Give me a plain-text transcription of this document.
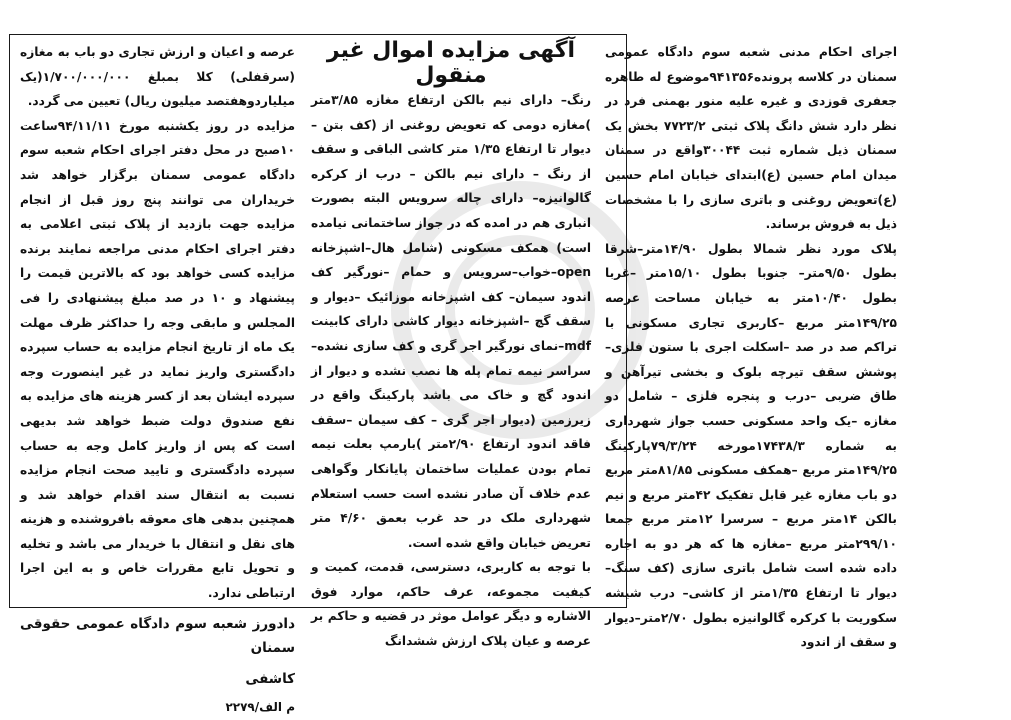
اجرای احکام مدنی شعبه سوم دادگاه عمومی سمنان در کلاسه پرونده۹۴۱۳۵۶موضوع له طاهره جعفری قوزدی و غیره علیه منور بهمنی فرد در نظر دارد شش دانگ پلاک ثبتی ۷۷۲۳/۲ بخش یک سمنان ذیل شماره ثبت ۳۰۰۴۴واقع در سمنان میدان امام حسین (ع)ابتدای خیابان امام حسین (ع)تعویض روغنی و باتری سازی را با مشخصات ذیل به فروش برساند.

پلاک مورد نظر شمالا بطول ۱۴/۹۰متر–شرقا بطول ۹/۵۰متر– جنوبا بطول ۱۵/۱۰متر –غربا بطول ۱۰/۴۰متر به خیابان مساحت عرصه ۱۴۹/۲۵متر مربع –کاربری تجاری مسکونی با تراکم صد در صد –اسکلت اجری با ستون فلزی– پوشش سقف تیرچه بلوک و بخشی تیرآهن و طاق ضربی –درب و پنجره فلزی – شامل دو مغازه –یک واحد مسکونی حسب جواز شهرداری به شماره ۱۷۴۳۸/۳مورخه ۷۹/۳/۲۴پارکینگ ۱۴۹/۲۵متر مربع –همکف مسکونی ۸۱/۸۵متر مربع دو باب مغازه غیر قابل تفکیک ۴۲متر مربع و نیم بالکن ۱۴متر مربع – سرسرا ۱۲متر مربع جمعا ۲۹۹/۱۰متر مربع –مغازه ها که هر دو به اجاره داده شده است شامل باتری سازی (کف سنگ–دیوار تا ارتفاع ۱/۳۵متر از کاشی– درب شیشه سکوریت با کرکره گالوانیزه بطول ۲/۷۰متر–دیوار و سقف از اندود

آگهی مزایده اموال غیر منقول

رنگ– دارای نیم بالکن ارتفاع مغازه ۳/۸۵متر )مغازه دومی که تعویض روغنی از (کف بتن –دیوار تا ارتفاع ۱/۳۵ متر کاشی الباقی و سقف از رنگ – دارای نیم بالکن – درب از کرکره گالوانیزه– دارای چاله سرویس البته بصورت انباری هم در امده که در جواز ساختمانی نیامده است) همکف مسکونی (شامل هال–اشپزخانه open–خواب–سرویس و حمام –نورگیر کف اندود سیمان– کف اشپزخانه موزائیک –دیوار و سقف گچ –اشپزخانه دیوار کاشی دارای کابینت mdf–نمای نورگیر اجر گری و کف سازی نشده–سراسر نیمه تمام پله ها نصب نشده و دیوار از اندود گچ و خاک می باشد پارکینگ واقع در زیرزمین (دیوار اجر گری – کف سیمان –سقف فاقد اندود ارتفاع ۲/۹۰متر )بارمپ بعلت نیمه تمام بودن عملیات ساختمان پایانکار وگواهی عدم خلاف آن صادر نشده است حسب استعلام شهرداری ملک در حد غرب بعمق ۴/۶۰ متر تعریض خیابان واقع شده است.

با توجه به کاربری، دسترسی، قدمت، کمیت و کیفیت مجموعه، عرف حاکم، موارد فوق الاشاره و دیگر عوامل موثر در قضیه و حاکم بر عرصه و عیان پلاک ارزش ششدانگ

عرصه و اعیان و ارزش تجاری دو باب به مغازه (سرقفلی) کلا بمبلغ ۱/۷۰۰/۰۰۰/۰۰۰(یک میلیاردوهفتصد میلیون ریال) تعیین می گردد.

مزایده در روز یکشنبه مورخ ۹۴/۱۱/۱۱ساعت ۱۰صبح در محل دفتر اجرای احکام شعبه سوم دادگاه عمومی سمنان برگزار خواهد شد خریداران می توانند پنج روز قبل از انجام مزایده جهت بازدید از پلاک ثبتی اعلامی به دفتر اجرای احکام مدنی مراجعه نمایند برنده مزایده کسی خواهد بود که بالاترین قیمت را پیشنهاد و ۱۰ در صد مبلغ پیشنهادی را فی المجلس و مابقی وجه را حداکثر ظرف مهلت یک ماه از تاریخ انجام مزایده به حساب سپرده دادگستری واریز نماید در غیر اینصورت وجه سپرده ایشان بعد از کسر هزینه های مزایده به نفع صندوق دولت ضبط خواهد شد بدیهی است که پس از واریز کامل وجه به حساب سپرده دادگستری و تایید صحت انجام مزایده نسبت به انتقال سند اقدام خواهد شد و همچنین بدهی های معوقه بافروشنده و هزینه های نقل و انتقال با خریدار می باشد و تخلیه و تحویل تابع مقررات خاص و به این اجرا ارتباطی ندارد.

دادورز شعبه سوم دادگاه عمومی حقوقی سمنان

کاشفی

م الف/۲۲۷۹
